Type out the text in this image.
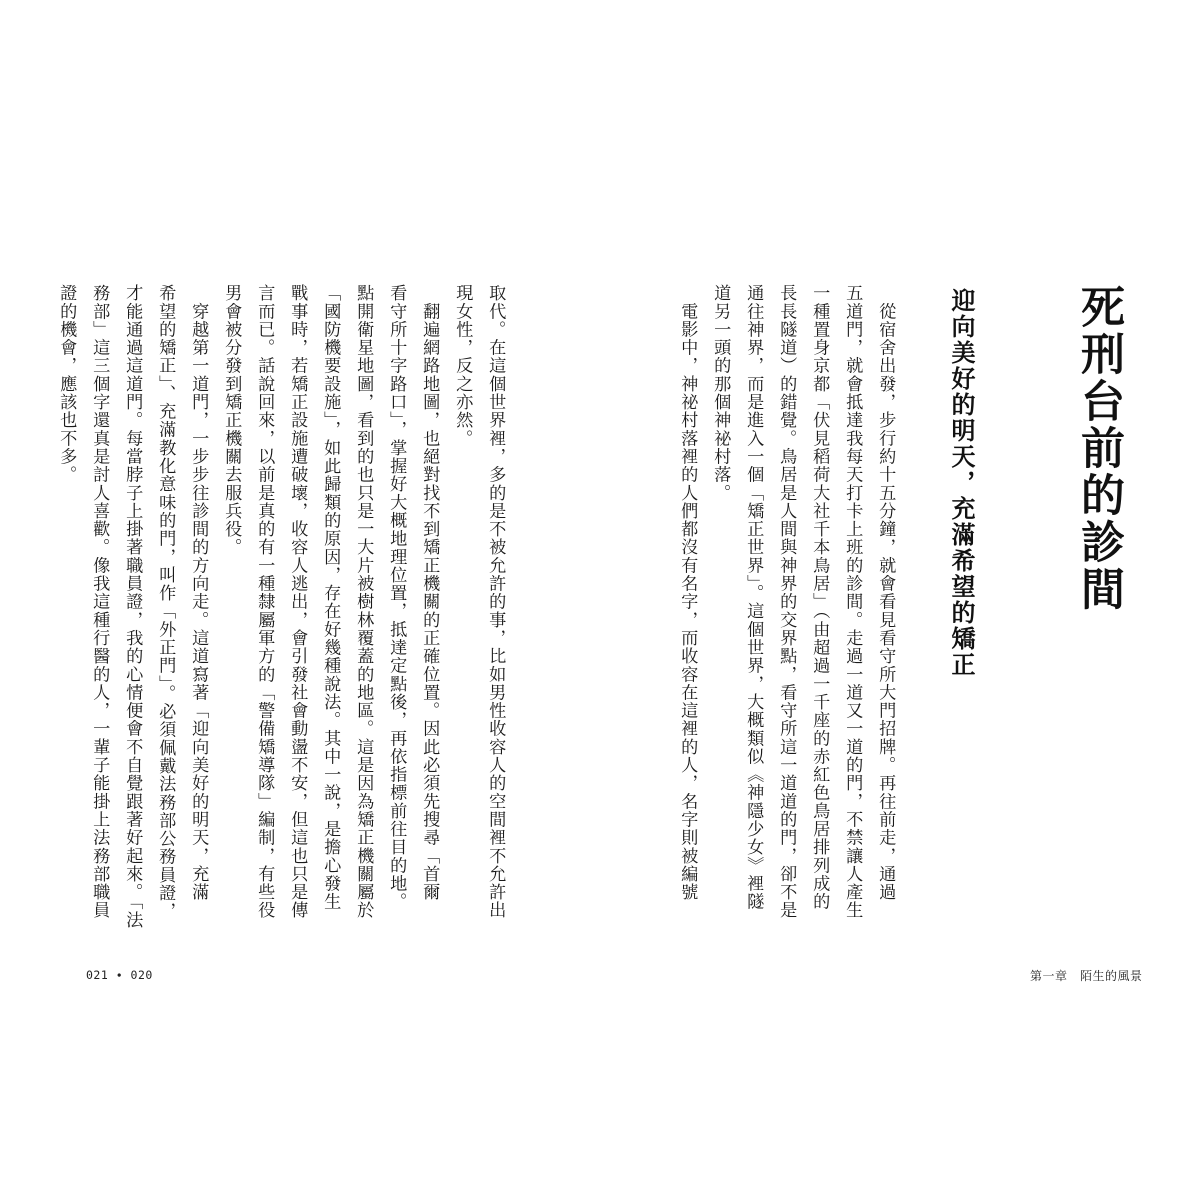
死刑台前的診間
迎向美好的明天，充滿希望的矯正
　從宿舍出發，步行約十五分鐘，就會看見看守所大門招牌。再往前走，通過
五道門，就會抵達我每天打卡上班的診間。走過一道又一道的門，不禁讓人產生
一種置身京都「伏見稻荷大社千本鳥居」（由超過一千座的赤紅色鳥居排列成的
長長隧道）的錯覺。鳥居是人間與神界的交界點，看守所這一道道的門，卻不是
通往神界，而是進入一個「矯正世界」。這個世界，大概類似《神隱少女》裡隧
道另一頭的那個神祕村落。
　電影中，神祕村落裡的人們都沒有名字，而收容在這裡的人，名字則被編號
取代。在這個世界裡，多的是不被允許的事，比如男性收容人的空間裡不允許出
現女性，反之亦然。
　翻遍網路地圖，也絕對找不到矯正機關的正確位置。因此必須先搜尋「首爾
看守所十字路口」，掌握好大概地理位置，抵達定點後，再依指標前往目的地。
點開衛星地圖，看到的也只是一大片被樹林覆蓋的地區。這是因為矯正機關屬於
「國防機要設施」，如此歸類的原因，存在好幾種說法。其中一說，是擔心發生
戰事時，若矯正設施遭破壞，收容人逃出，會引發社會動盪不安，但這也只是傳
言而已。話說回來，以前是真的有一種隸屬軍方的「警備矯導隊」編制，有些役
男會被分發到矯正機關去服兵役。
　穿越第一道門，一步步往診間的方向走。這道寫著「迎向美好的明天，充滿
希望的矯正」、充滿教化意味的門，叫作「外正門」。必須佩戴法務部公務員證，
才能通過這道門。每當脖子上掛著職員證，我的心情便會不自覺跟著好起來。「法
務部」這三個字還真是討人喜歡。像我這種行醫的人，一輩子能掛上法務部職員
證的機會，應該也不多。
021 ∙ 020	第一章　陌生的風景
